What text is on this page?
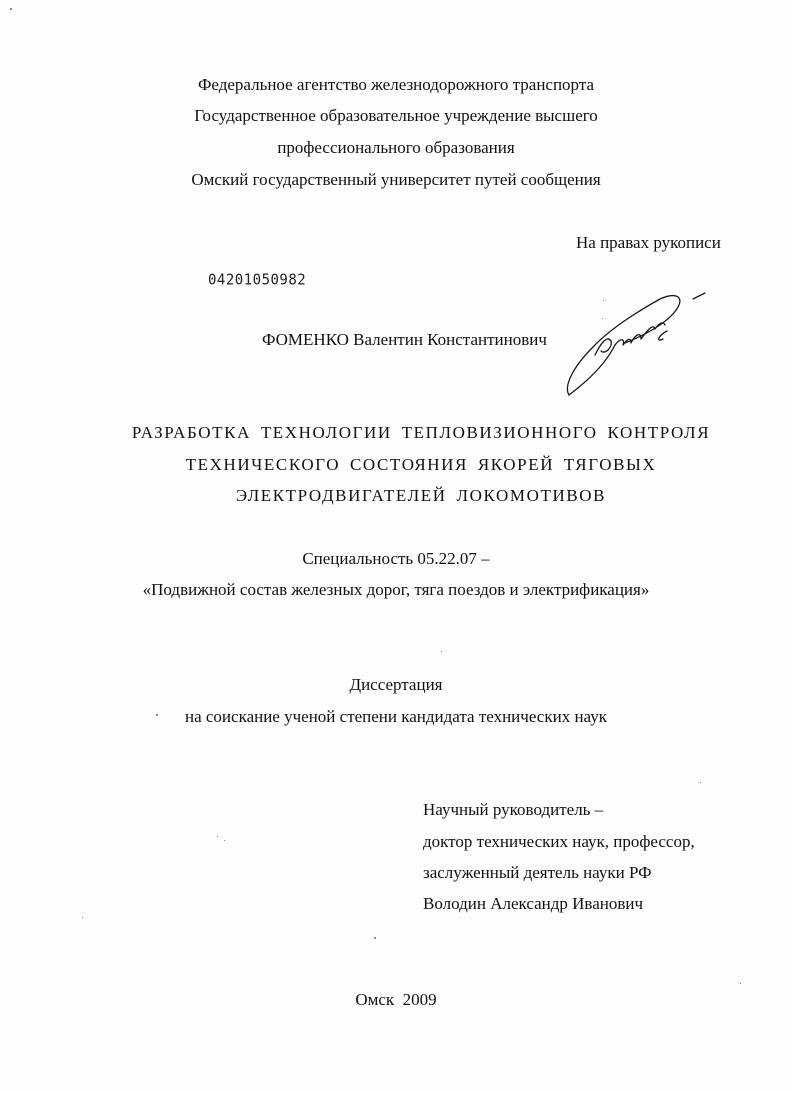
Федеральное агентство железнодорожного транспорта
Государственное образовательное учреждение высшего
профессионального образования
Омский государственный университет путей сообщения
На правах рукописи
04201050982
ФОМЕНКО Валентин Константинович
РАЗРАБОТКА ТЕХНОЛОГИИ ТЕПЛОВИЗИОННОГО КОНТРОЛЯ
ТЕХНИЧЕСКОГО СОСТОЯНИЯ ЯКОРЕЙ ТЯГОВЫХ
ЭЛЕКТРОДВИГАТЕЛЕЙ ЛОКОМОТИВОВ
Специальность 05.22.07 –
«Подвижной состав железных дорог, тяга поездов и электрификация»
Диссертация
на соискание ученой степени кандидата технических наук
Научный руководитель –
доктор технических наук, профессор,
заслуженный деятель науки РФ
Володин Александр Иванович
Омск  2009
